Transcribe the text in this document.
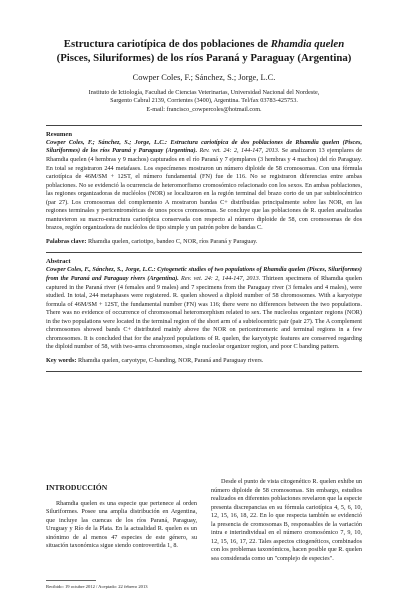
Estructura cariotípica de dos poblaciones de Rhamdia quelen
(Pisces, Siluriformes) de los ríos Paraná y Paraguay (Argentina)
Cowper Coles, F.; Sánchez, S.; Jorge, L.C.
Instituto de Ictiología, Facultad de Ciencias Veterinarias, Universidad Nacional del Nordeste,
Sargento Cabral 2139, Corrientes (3400), Argentina. Tel/fax 03783-425753.
E-mail: francisco_cowpercoles@hotmail.com.
Resumen

Cowper Coles, F.; Sánchez, S.; Jorge, L.C.: Estructura cariotípica de dos poblaciones de Rhamdia quelen (Pisces, Siluriformes) de los ríos Paraná y Paraguay (Argentina). Rev. vet. 24: 2, 144-147, 2013. Se analizaron 13 ejemplares de Rhamdia quelen (4 hembras y 9 machos) capturados en el río Paraná y 7 ejemplares (3 hembras y 4 machos) del río Paraguay. En total se registraron 244 metafases. Los especímenes mostraron un número diploide de 58 cromosomas. Con una fórmula cariotípica de 46M/SM + 12ST, el número fundamental (FN) fue de 116. No se registraron diferencias entre ambas poblaciones. No se evidenció la ocurrencia de heteromorfismo cromosómico relacionado con los sexos. En ambas poblaciones, las regiones organizadoras de nucléolos (NOR) se localizaron en la región terminal del brazo corto de un par subtelocéntrico (par 27). Los cromosomas del complemento A mostraron bandas C+ distribuidas principalmente sobre las NOR, en las regiones terminales y pericentroméricas de unos pocos cromosomas. Se concluye que las poblaciones de R. quelen analizadas mantuvieron su macro-estructura cariotípica conservada con respecto al número diploide de 58, con cromosomas de dos brazos, región organizadora de nucléolos de tipo simple y un patrón pobre de bandas C.

Palabras clave: Rhamdia quelen, cariotipo, bandeo C, NOR, ríos Paraná y Paraguay.
Abstract

Cowper Coles, F., Sánchez, S., Jorge, L.C.: Cytogenetic studies of two populations of Rhamdia quelen (Pisces, Siluriformes) from the Paraná and Paraguay rivers (Argentina). Rev. vet. 24: 2, 144-147, 2013. Thirteen specimens of Rhamdia quelen captured in the Paraná river (4 females and 9 males) and 7 specimens from the Paraguay river (3 females and 4 males), were studied. In total, 244 metaphases were registered. R. quelen showed a diploid number of 58 chromosomes. With a karyotype formula of 46M/SM + 12ST, the fundamental number (FN) was 116; there were no differences between the two populations. There was no evidence of occurrence of chromosomal heteromorphism related to sex. The nucleolus organizer regions (NOR) in the two populations were located in the terminal region of the short arm of a subtelocentric pair (pair 27). The A complement chromosomes showed bands C+ distributed mainly above the NOR on pericentromeric and terminal regions in a few chromosomes. It is concluded that for the analyzed populations of R. quelen, the karyotypic features are conserved regarding the diploid number of 58, with two-arms chromosomes, single nucleolar organizer region, and poor C banding pattern.

Key words: Rhamdia quelen, caryotype, C-banding, NOR, Paraná and Paraguay rivers.
INTRODUCCIÓN

Rhamdia quelen es una especie que pertenece al orden Siluriformes. Posee una amplia distribución en Argentina, que incluye las cuencas de los ríos Paraná, Paraguay, Uruguay y Río de la Plata. En la actualidad R. quelen es un sinónimo de al menos 47 especies de este género, su situación taxonómica sigue siendo controvertida 1, 8.

Desde el punto de vista citogenético R. quelen exhibe un número diploide de 58 cromosomas. Sin embargo, estudios realizados en diferentes poblaciones revelaron que la especie presenta discrepancias en su fórmula cariotípica 4, 5, 6, 10, 12, 15, 16, 18, 22. En lo que respecta también se evidenció la presencia de cromosomas B, responsables de la variación intra e interindividual en el número cromosómico 7, 9, 10, 12, 15, 16, 17, 22. Tales aspectos citogenéticos, combinados con los problemas taxonómicos, hacen posible que R. quelen sea considerada como un "complejo de especies".

Recibido: 19 octubre 2012 / Aceptado: 22 febrero 2013
